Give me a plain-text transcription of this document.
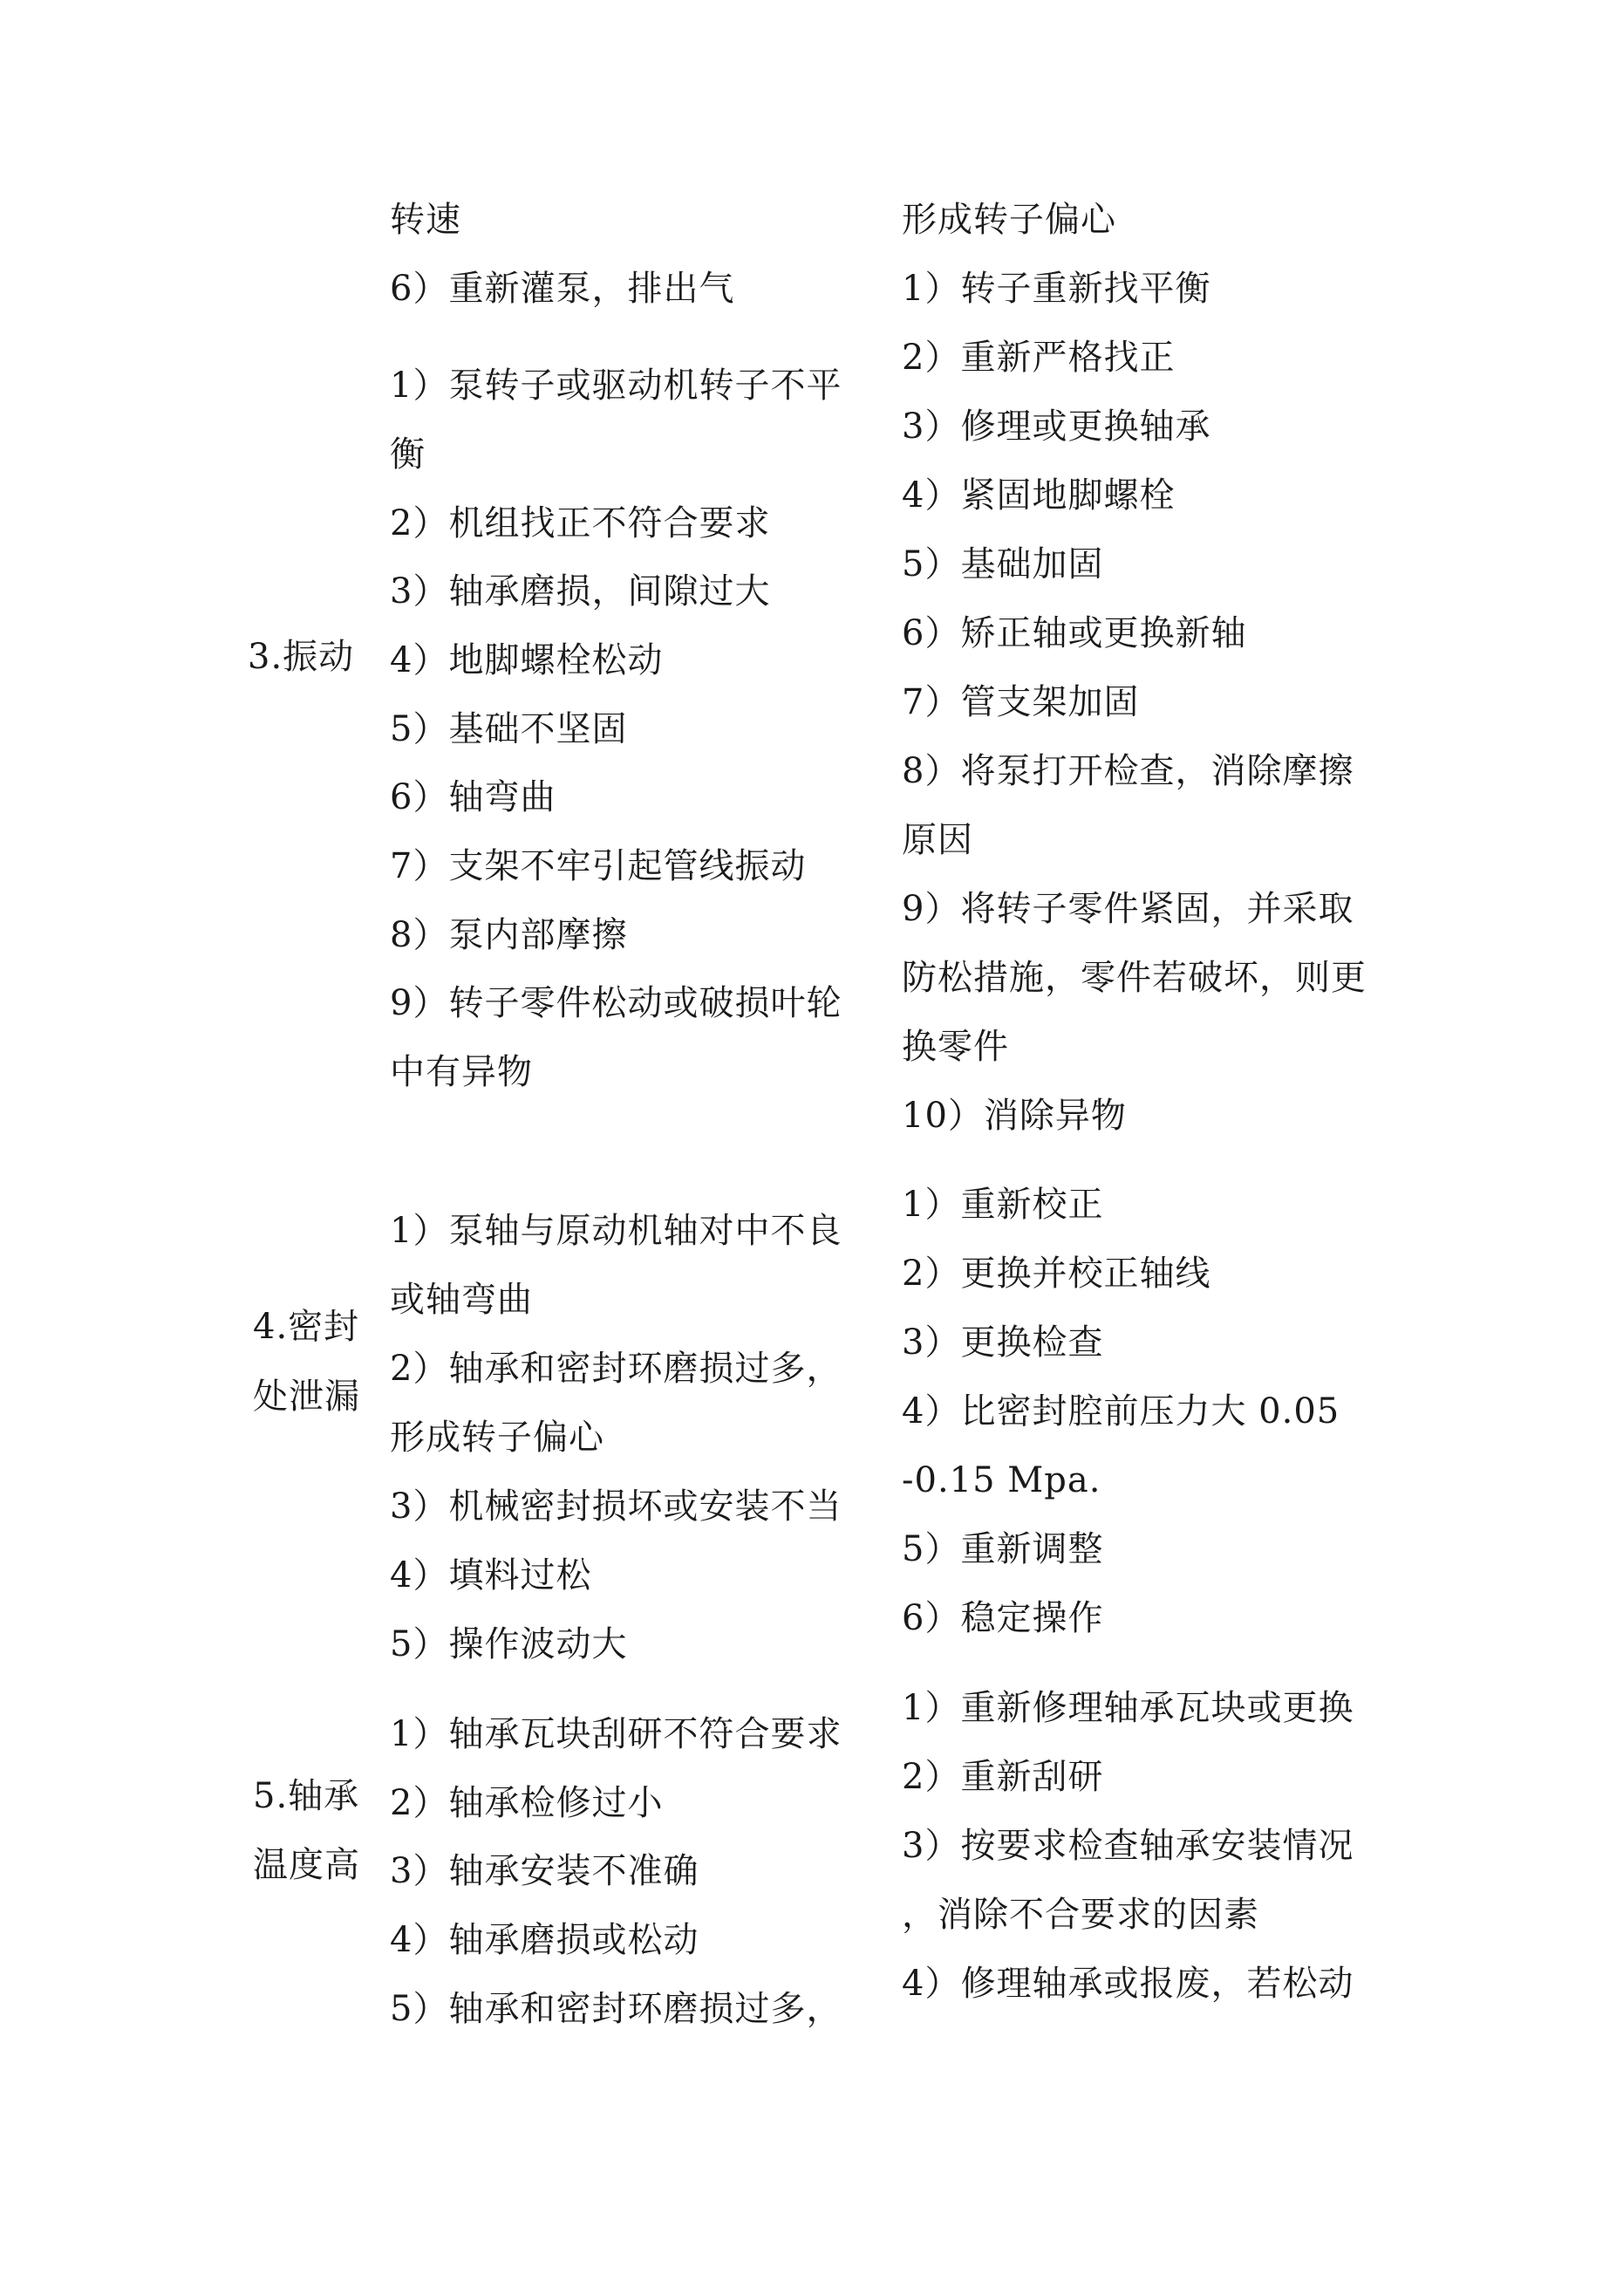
转速	形成转子偏心
6）重新灌泵，排出气
3.振动
1）泵转子或驱动机转子不平
衡
2）机组找正不符合要求
3）轴承磨损，间隙过大
4）地脚螺栓松动
5）基础不坚固
6）轴弯曲
7）支架不牢引起管线振动
8）泵内部摩擦
9）转子零件松动或破损叶轮
中有异物
1）转子重新找平衡
2）重新严格找正
3）修理或更换轴承
4）紧固地脚螺栓
5）基础加固
6）矫正轴或更换新轴
7）管支架加固
8）将泵打开检查，消除摩擦
原因
9）将转子零件紧固，并采取
防松措施，零件若破坏，则更
换零件
10）消除异物
4.密封
处泄漏
1）泵轴与原动机轴对中不良
或轴弯曲
2）轴承和密封环磨损过多，
形成转子偏心
3）机械密封损坏或安装不当
4）填料过松
5）操作波动大
1）重新校正
2）更换并校正轴线
3）更换检查
4）比密封腔前压力大 0.05
-0.15 Mpa.
5）重新调整
6）稳定操作
5.轴承
温度高
1）轴承瓦块刮研不符合要求
2）轴承检修过小
3）轴承安装不准确
4）轴承磨损或松动
5）轴承和密封环磨损过多，
1）重新修理轴承瓦块或更换
2）重新刮研
3）按要求检查轴承安装情况
，消除不合要求的因素
4）修理轴承或报废，若松动
